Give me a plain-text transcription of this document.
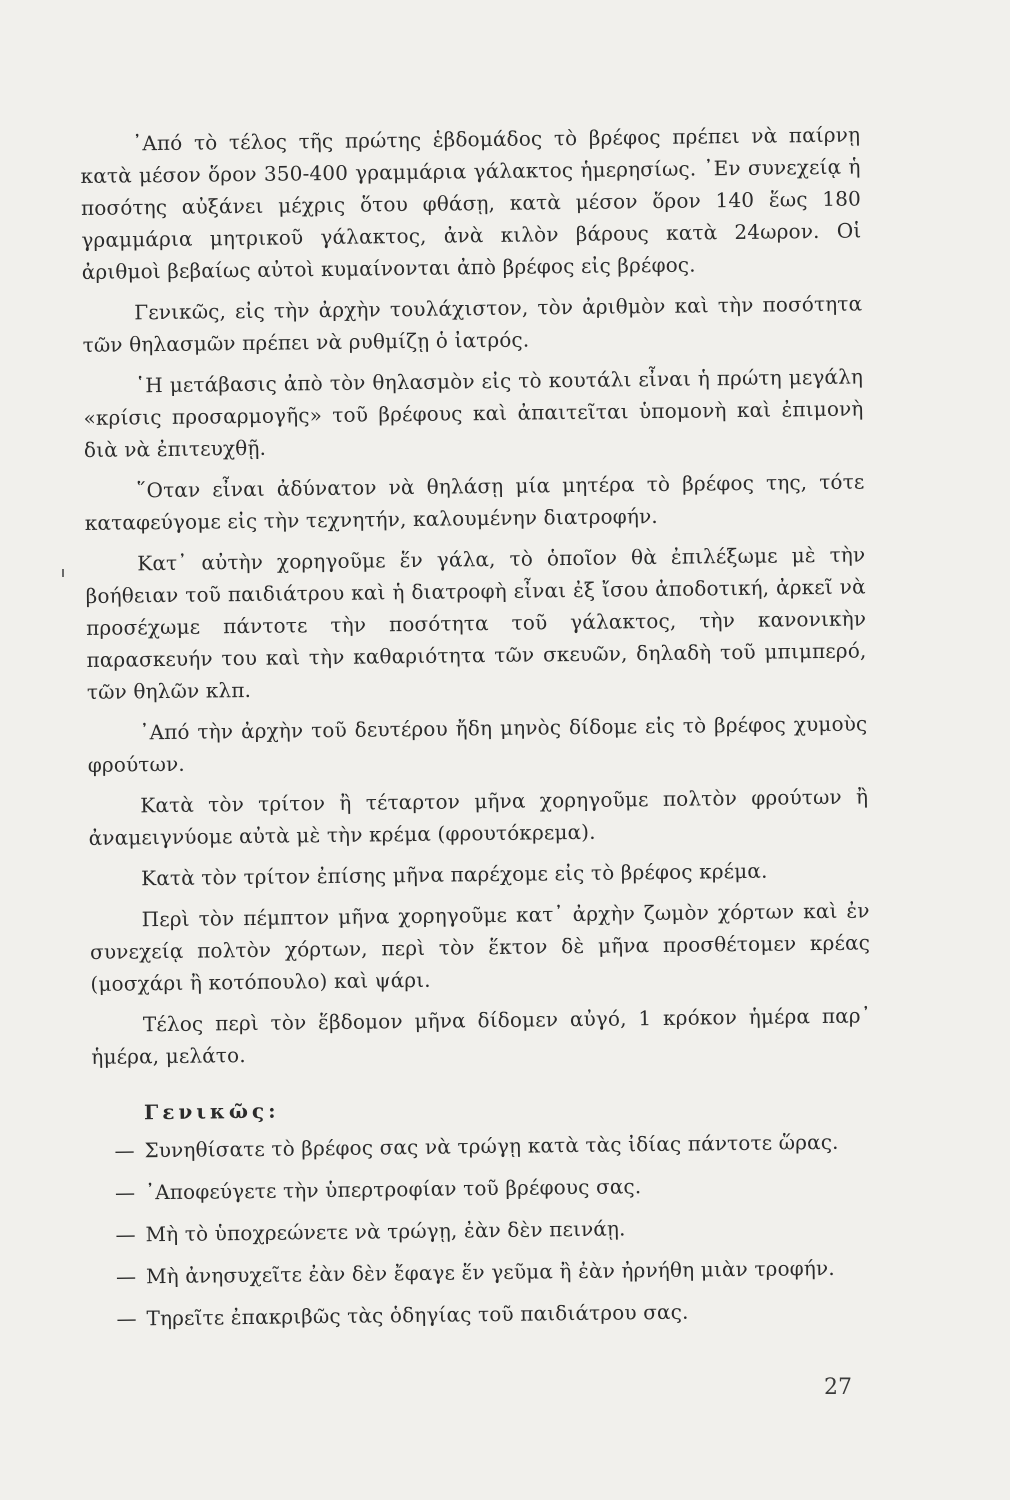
᾿Από τὸ τέλος τῆς πρώτης ἑβδομάδος τὸ βρέφος πρέπει νὰ παίρνῃ κατὰ μέσον ὅρον 350-400 γραμμάρια γάλακτος ἡμερησίως. ᾿Εν συνεχείᾳ ἡ ποσότης αὐξάνει μέχρις ὅτου φθάσῃ, κατὰ μέσον ὅρον 140 ἕως 180 γραμμάρια μητρικοῦ γάλακτος, ἀνὰ κιλὸν βάρους κατὰ 24ωρον. Οἱ ἀριθμοὶ βεβαίως αὐτοὶ κυμαίνονται ἀπὸ βρέφος εἰς βρέφος.

Γενικῶς, εἰς τὴν ἀρχὴν τουλάχιστον, τὸν ἀριθμὸν καὶ τὴν ποσότητα τῶν θηλασμῶν πρέπει νὰ ρυθμίζῃ ὁ ἰατρός.

῾Η μετάβασις ἀπὸ τὸν θηλασμὸν εἰς τὸ κουτάλι εἶναι ἡ πρώτη μεγάλη «κρίσις προσαρμογῆς» τοῦ βρέφους καὶ ἀπαιτεῖται ὑπομονὴ καὶ ἐπιμονὴ διὰ νὰ ἐπιτευχθῇ.

῞Οταν εἶναι ἀδύνατον νὰ θηλάσῃ μία μητέρα τὸ βρέφος της, τότε καταφεύγομε εἰς τὴν τεχνητήν, καλουμένην διατροφήν.

Κατ᾿ αὐτὴν χορηγοῦμε ἕν γάλα, τὸ ὁποῖον θὰ ἐπιλέξωμε μὲ τὴν βοήθειαν τοῦ παιδιάτρου καὶ ἡ διατροφὴ εἶναι ἐξ ἴσου ἀποδοτική, ἀρκεῖ νὰ προσέχωμε πάντοτε τὴν ποσότητα τοῦ γάλακτος, τὴν κανονικὴν παρασκευήν του καὶ τὴν καθαριότητα τῶν σκευῶν, δηλαδὴ τοῦ μπιμπερό, τῶν θηλῶν κλπ.

᾿Από τὴν ἀρχὴν τοῦ δευτέρου ἤδη μηνὸς δίδομε εἰς τὸ βρέφος χυμοὺς φρούτων.

Κατὰ τὸν τρίτον ἢ τέταρτον μῆνα χορηγοῦμε πολτὸν φρούτων ἢ ἀναμειγνύομε αὐτὰ μὲ τὴν κρέμα (φρουτόκρεμα).

Κατὰ τὸν τρίτον ἐπίσης μῆνα παρέχομε εἰς τὸ βρέφος κρέμα.

Περὶ τὸν πέμπτον μῆνα χορηγοῦμε κατ᾿ ἀρχὴν ζωμὸν χόρτων καὶ ἐν συνεχείᾳ πολτὸν χόρτων, περὶ τὸν ἕκτον δὲ μῆνα προσθέτομεν κρέας (μοσχάρι ἢ κοτόπουλο) καὶ ψάρι.

Τέλος περὶ τὸν ἕβδομον μῆνα δίδομεν αὐγό, 1 κρόκον ἡμέρα παρ᾿ ἡμέρα, μελάτο.

Γενικῶς:
— Συνηθίσατε τὸ βρέφος σας νὰ τρώγῃ κατὰ τὰς ἰδίας πάντοτε ὥρας.
— ᾿Αποφεύγετε τὴν ὑπερτροφίαν τοῦ βρέφους σας.
— Μὴ τὸ ὑποχρεώνετε νὰ τρώγῃ, ἐὰν δὲν πεινάῃ.
— Μὴ ἀνησυχεῖτε ἐὰν δὲν ἔφαγε ἕν γεῦμα ἢ ἐὰν ἠρνήθη μιὰν τροφήν.
— Τηρεῖτε ἐπακριβῶς τὰς ὁδηγίας τοῦ παιδιάτρου σας.
27
